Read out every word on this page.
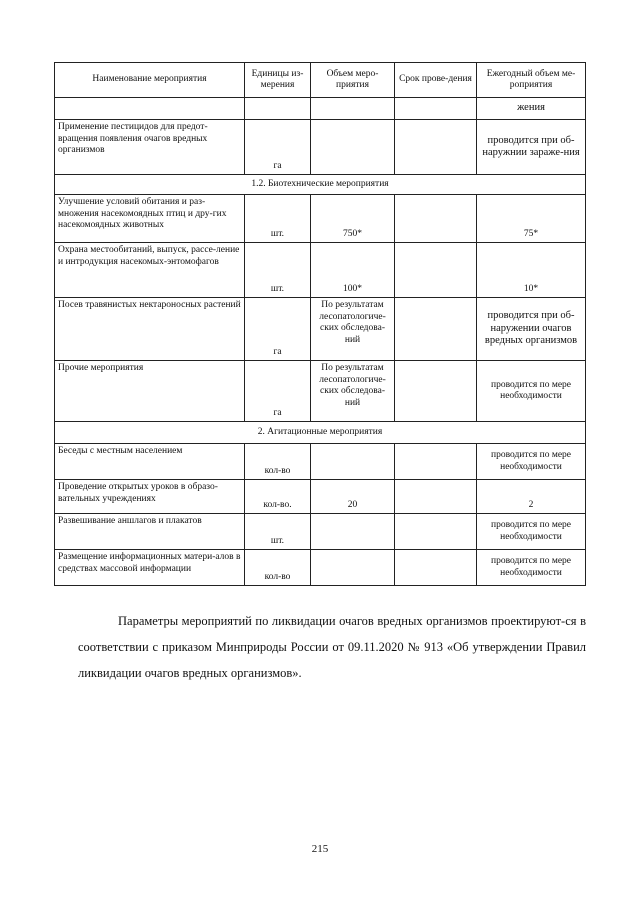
Наименование мероприятия	Единицы из-мерения	Объем меро-приятия	Срок прове-дения	Ежегодный объем ме-роприятия
				жения
Применение пестицидов для предот-вращения появления очагов вредных организмов	га			проводится при об-наружнии зараже-ния
1.2. Биотехнические мероприятия				
Улучшение условий обитания и раз-множения насекомоядных птиц и дру-гих насекомоядных животных	шт.	750*		75*
Охрана местообитаний, выпуск, рассе-ление и интродукция насекомых-энтомофагов	шт.	100*		10*
Посев травянистых нектароносных растений	га	По результатам лесопатологиче-ских обследова-ний		проводится при об-наружении очагов вредных организмов
Прочие мероприятия	га	По результатам лесопатологиче-ских обследова-ний		проводится по мере необходимости
2. Агитационные мероприятия				
Беседы с местным населением	кол-во			проводится по мере необходимости
Проведение открытых уроков в образо-вательных учреждениях	кол-во.	20		2
Развешивание аншлагов и плакатов	шт.			проводится по мере необходимости
Размещение информационных матери-алов в средствах массовой информации	кол-во			проводится по мере необходимости
Параметры мероприятий по ликвидации очагов вредных организмов проектируют-ся в соответствии с приказом Минприроды России от 09.11.2020 № 913 «Об утверждении Правил ликвидации очагов вредных организмов».
215
